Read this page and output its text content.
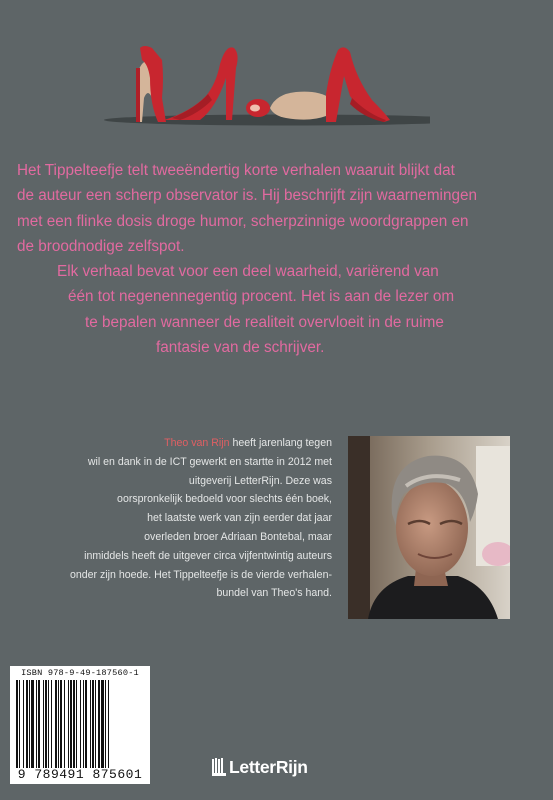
Het Tippelteefje telt tweeëndertig korte verhalen waaruit blijkt dat
de auteur een scherp observator is. Hij beschrijft zijn waarnemingen
met een flinke dosis droge humor, scherpzinnige woordgrappen en
de broodnodige zelfspot.
Elk verhaal bevat voor een deel waarheid, variërend van
één tot negenennegentig procent. Het is aan de lezer om
te bepalen wanneer de realiteit overvloeit in de ruime
fantasie van de schrijver.
Theo van Rijn heeft jarenlang tegen
wil en dank in de ICT gewerkt en startte in 2012 met
uitgeverij LetterRijn. Deze was
oorspronkelijk bedoeld voor slechts één boek,
het laatste werk van zijn eerder dat jaar
overleden broer Adriaan Bontebal, maar
inmiddels heeft de uitgever circa vijfentwintig auteurs
onder zijn hoede. Het Tippelteefje is de vierde verhalen-
bundel van Theo's hand.
ISBN 978-9-49-187560-1
9 789491 875601	LetterRijn
